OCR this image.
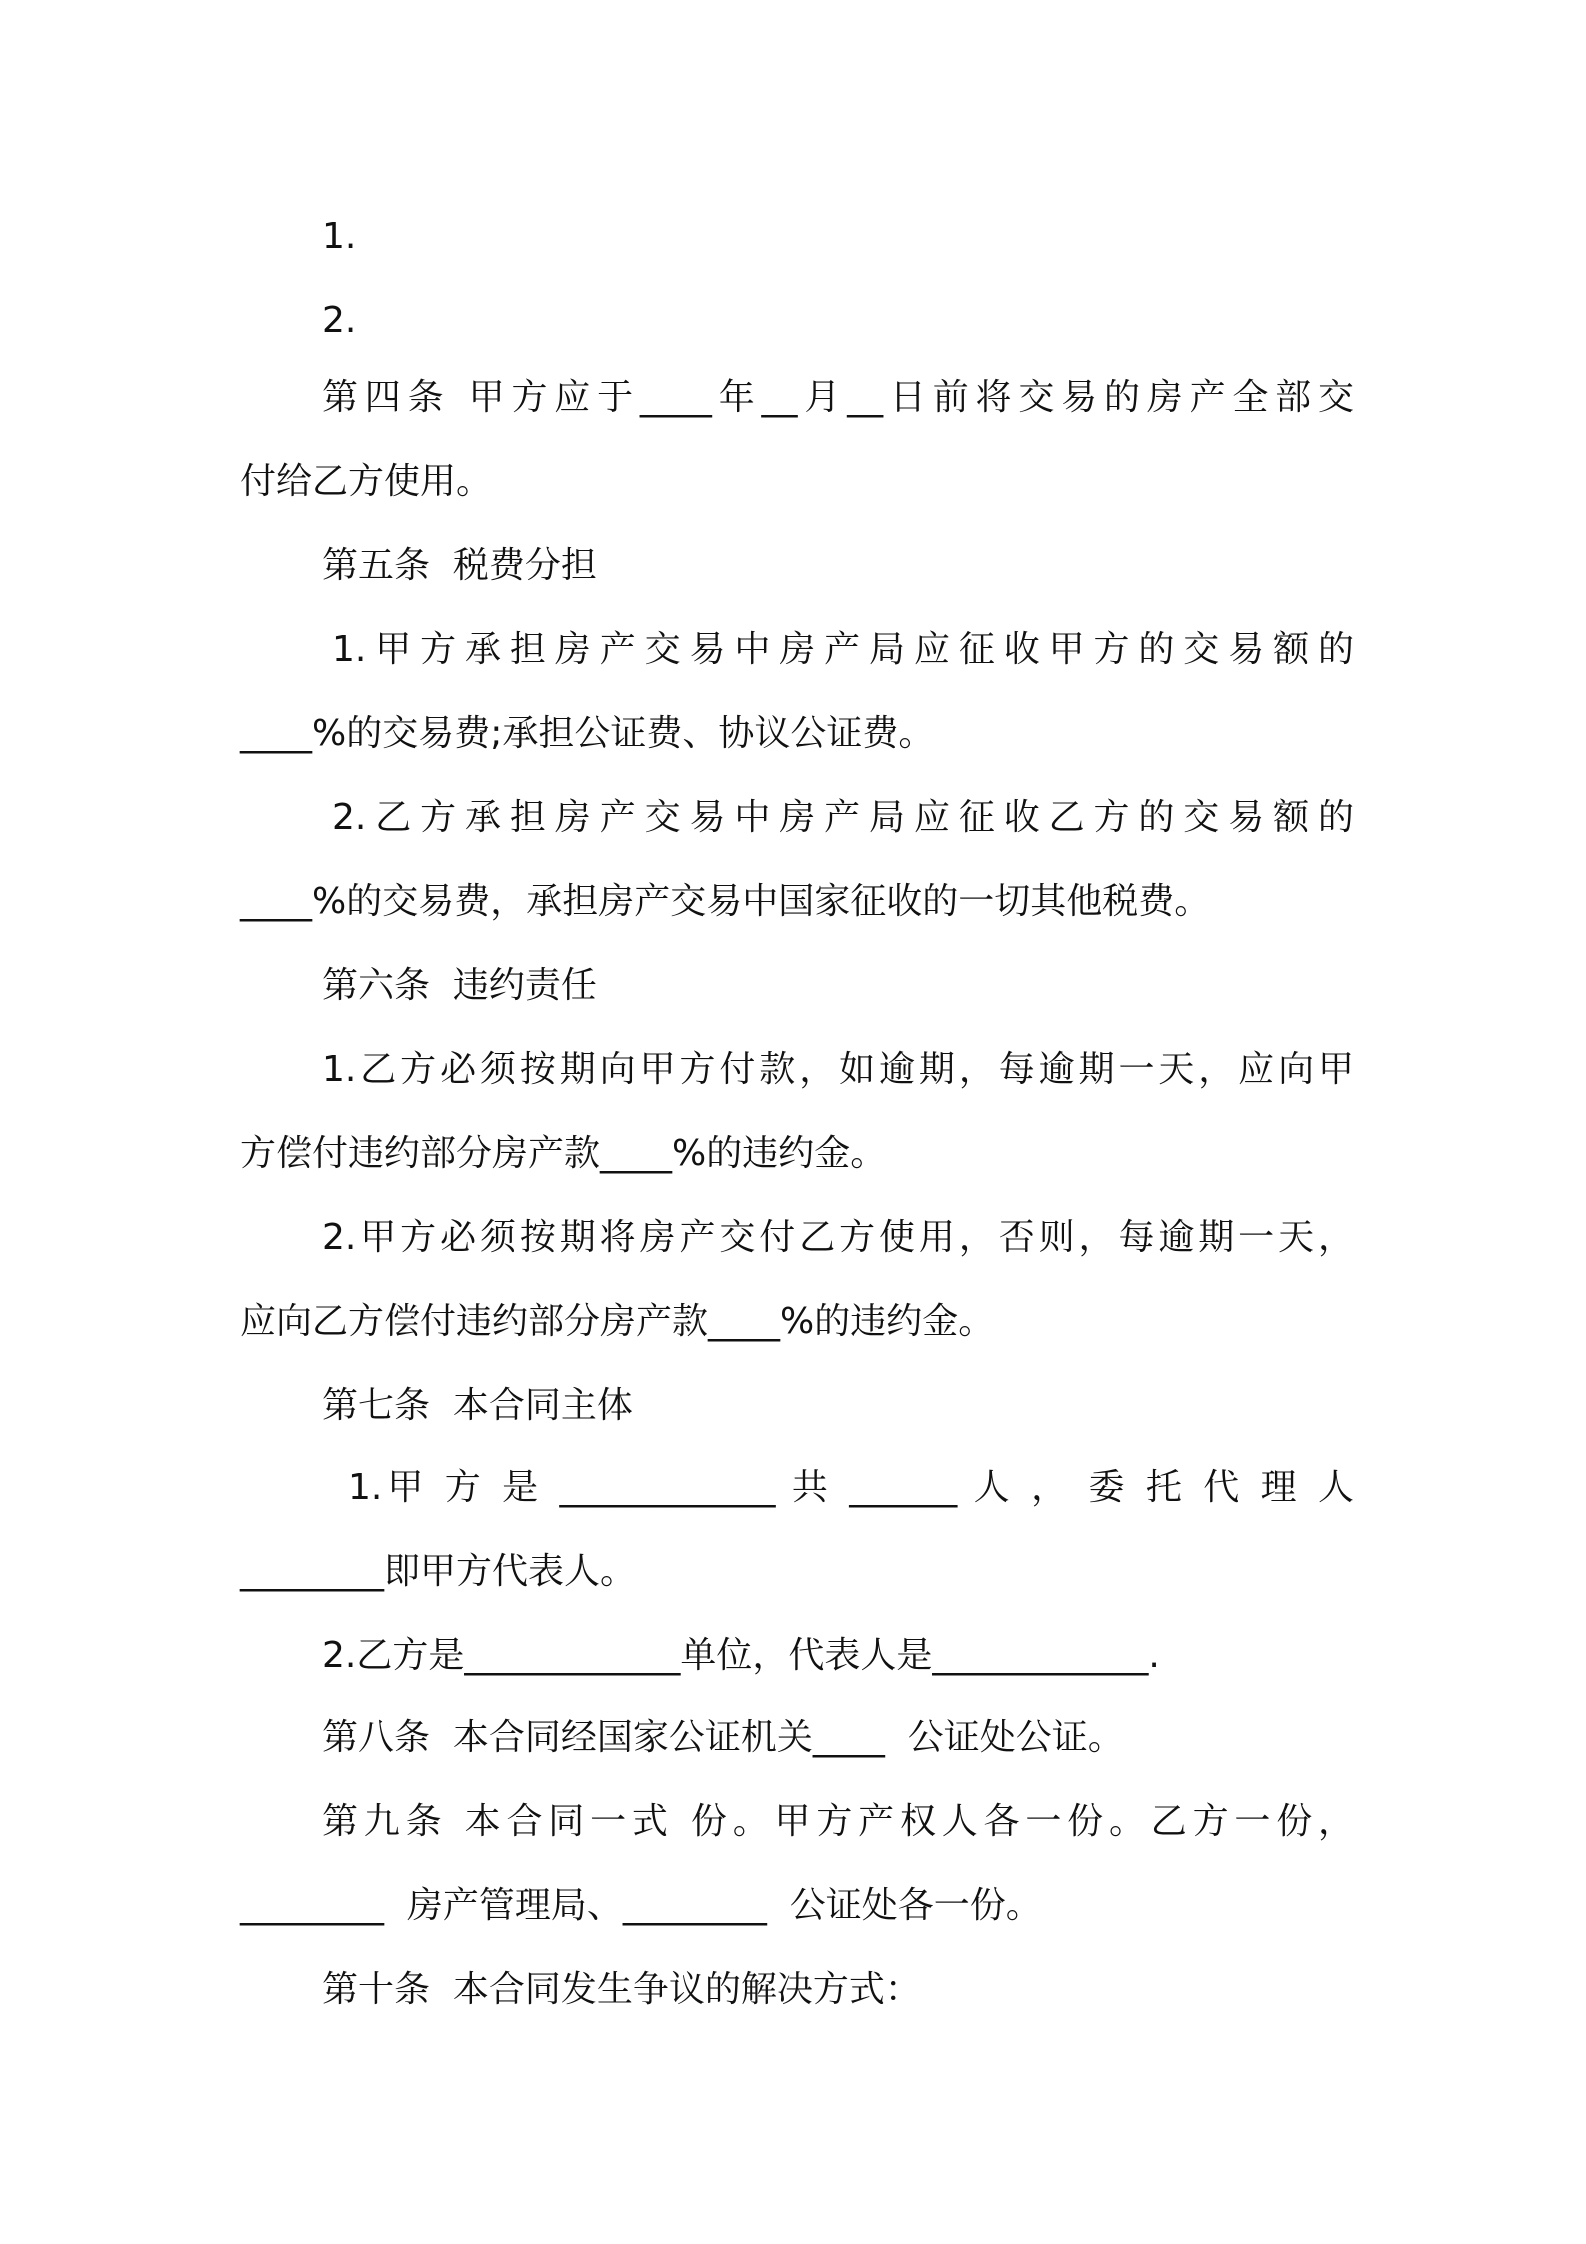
1.
2.
第四条 甲方应于____年__月__日前将交易的房产全部交
付给乙方使用。
第五条  税费分担
1.甲方承担房产交易中房产局应征收甲方的交易额的
____%的交易费;承担公证费、协议公证费。
2.乙方承担房产交易中房产局应征收乙方的交易额的
____%的交易费，承担房产交易中国家征收的一切其他税费。
第六条  违约责任
1.乙方必须按期向甲方付款，如逾期，每逾期一天，应向甲
方偿付违约部分房产款____%的违约金。
2.甲方必须按期将房产交付乙方使用，否则，每逾期一天，
应向乙方偿付违约部分房产款____%的违约金。
第七条  本合同主体
1.甲 方 是 ____________ 共 ______ 人 ， 委 托 代 理 人
________即甲方代表人。
2.乙方是____________单位，代表人是____________.
第八条  本合同经国家公证机关____  公证处公证。
第九条 本合同一式 份。甲方产权人各一份。乙方一份，
________  房产管理局、________  公证处各一份。
第十条  本合同发生争议的解决方式：
